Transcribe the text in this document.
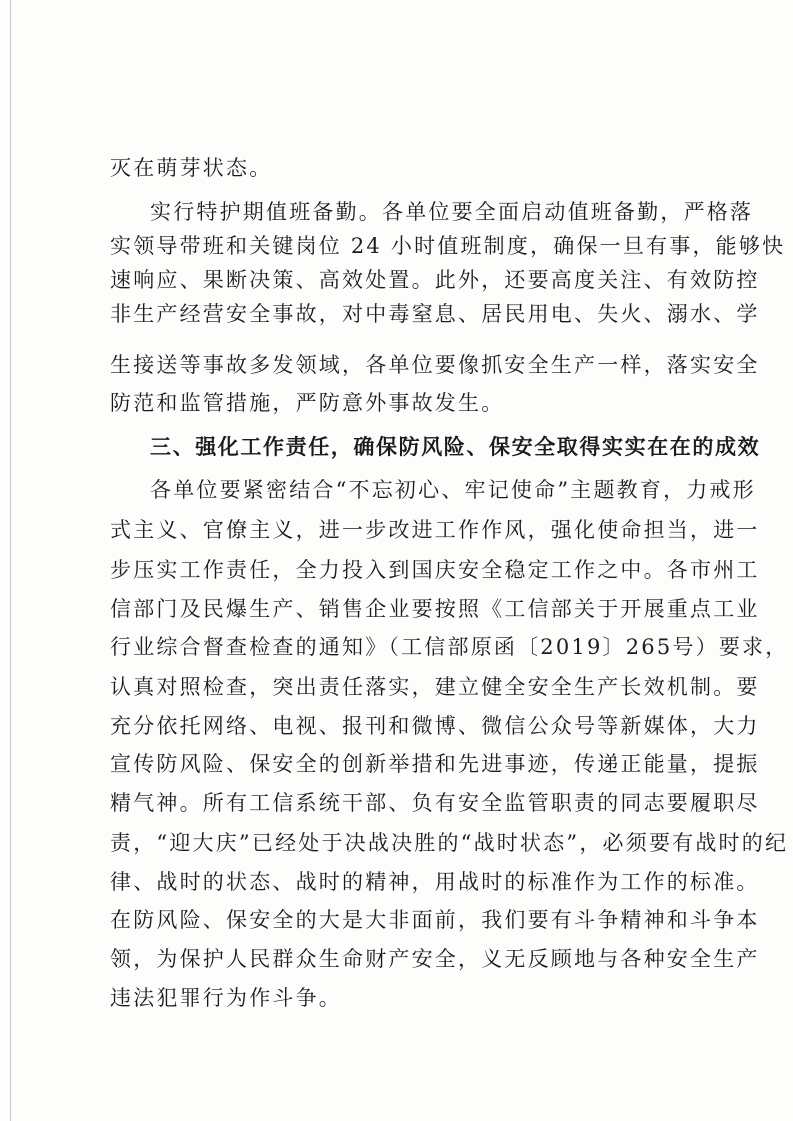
灭在萌芽状态。
实行特护期值班备勤。各单位要全面启动值班备勤，严格落
实领导带班和关键岗位 24 小时值班制度，确保一旦有事，能够快
速响应、果断决策、高效处置。此外，还要高度关注、有效防控
非生产经营安全事故，对中毒窒息、居民用电、失火、溺水、学
生接送等事故多发领域，各单位要像抓安全生产一样，落实安全
防范和监管措施，严防意外事故发生。
三、强化工作责任，确保防风险、保安全取得实实在在的成效
各单位要紧密结合“不忘初心、牢记使命”主题教育，力戒形
式主义、官僚主义，进一步改进工作作风，强化使命担当，进一
步压实工作责任，全力投入到国庆安全稳定工作之中。各市州工
信部门及民爆生产、销售企业要按照《工信部关于开展重点工业
行业综合督查检查的通知》（工信部原函〔2019〕265号）要求，
认真对照检查，突出责任落实，建立健全安全生产长效机制。要
充分依托网络、电视、报刊和微博、微信公众号等新媒体，大力
宣传防风险、保安全的创新举措和先进事迹，传递正能量，提振
精气神。所有工信系统干部、负有安全监管职责的同志要履职尽
责，“迎大庆”已经处于决战决胜的“战时状态”，必须要有战时的纪
律、战时的状态、战时的精神，用战时的标准作为工作的标准。
在防风险、保安全的大是大非面前，我们要有斗争精神和斗争本
领，为保护人民群众生命财产安全，义无反顾地与各种安全生产
违法犯罪行为作斗争。
